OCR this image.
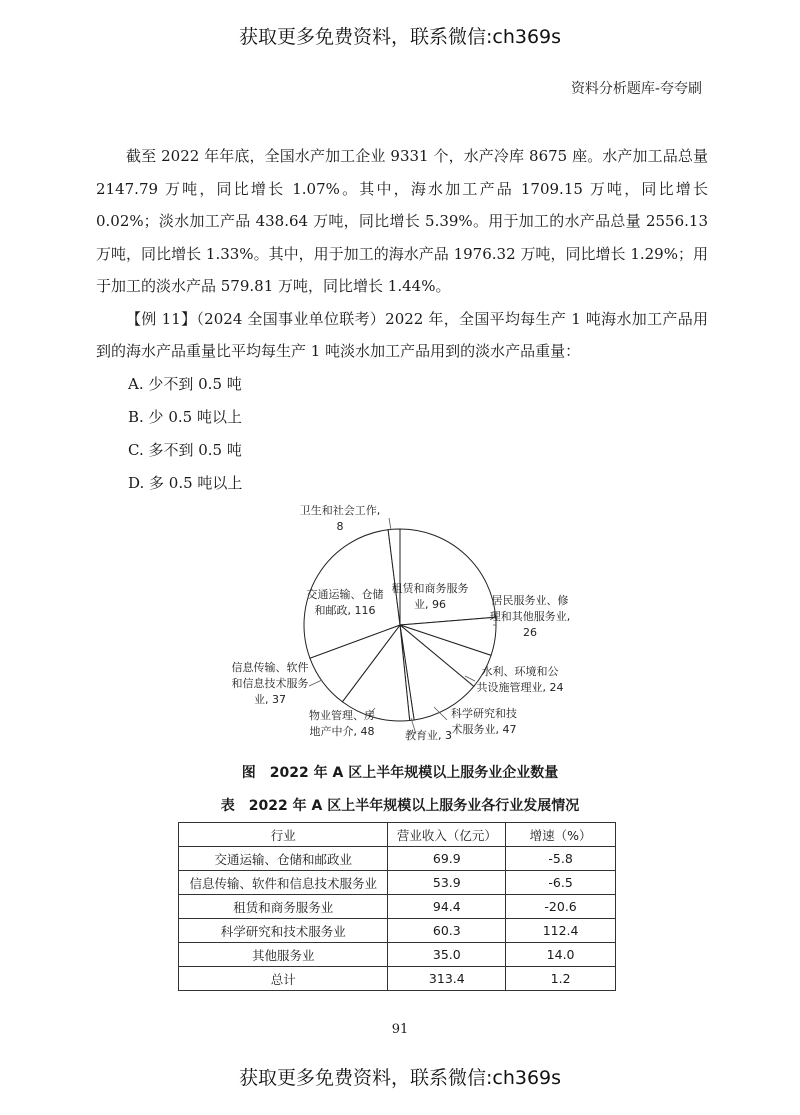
获取更多免费资料，联系微信:ch369s
资料分析题库-夸夸刷

截至 2022 年年底，全国水产加工企业 9331 个，水产冷库 8675 座。水产加工品总量 2147.79 万吨，同比增长 1.07%。其中，海水加工产品 1709.15 万吨，同比增长 0.02%；淡水加工产品 438.64 万吨，同比增长 5.39%。用于加工的水产品总量 2556.13 万吨，同比增长 1.33%。其中，用于加工的海水产品 1976.32 万吨，同比增长 1.29%；用于加工的淡水产品 579.81 万吨，同比增长 1.44%。

【例 11】（2024 全国事业单位联考）2022 年，全国平均每生产 1 吨海水加工产品用到的海水产品重量比平均每生产 1 吨淡水加工产品用到的淡水产品重量：

A. 少不到 0.5 吨

B. 少 0.5 吨以上

C. 多不到 0.5 吨

D. 多 0.5 吨以上

租赁和商务服务业, 96	居民服务业、修理和其他服务业, 26
水利、环境和公共设施管理业, 24
科学研究和技术服务业, 47
教育业, 3
物业管理、房地产中介, 48
信息传输、软件和信息技术服务业, 37
交通运输、仓储和邮政, 116
卫生和社会工作, 8
图　2022 年 A 区上半年规模以上服务业企业数量
表　2022 年 A 区上半年规模以上服务业各行业发展情况
行业	营业收入（亿元）	增速（%）
交通运输、仓储和邮政业	69.9	-5.8
信息传输、软件和信息技术服务业	53.9	-6.5
租赁和商务服务业	94.4	-20.6
科学研究和技术服务业	60.3	112.4
其他服务业	35.0	14.0
总计	313.4	1.2
91
获取更多免费资料，联系微信:ch369s
